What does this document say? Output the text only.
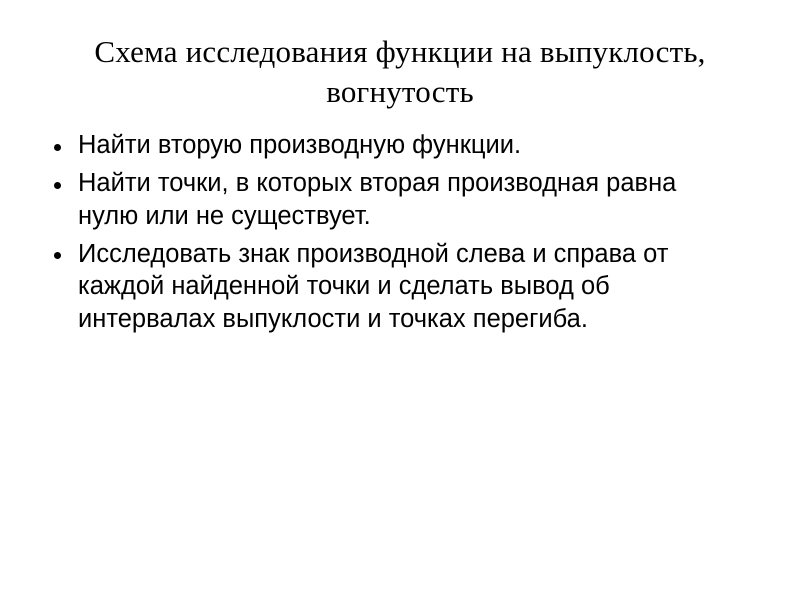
Схема исследования функции на выпуклость, вогнутость
Найти вторую производную функции.
Найти точки, в которых вторая производная равна нулю или не существует.
Исследовать знак производной слева и справа от каждой найденной точки и сделать вывод об интервалах выпуклости и точках перегиба.
